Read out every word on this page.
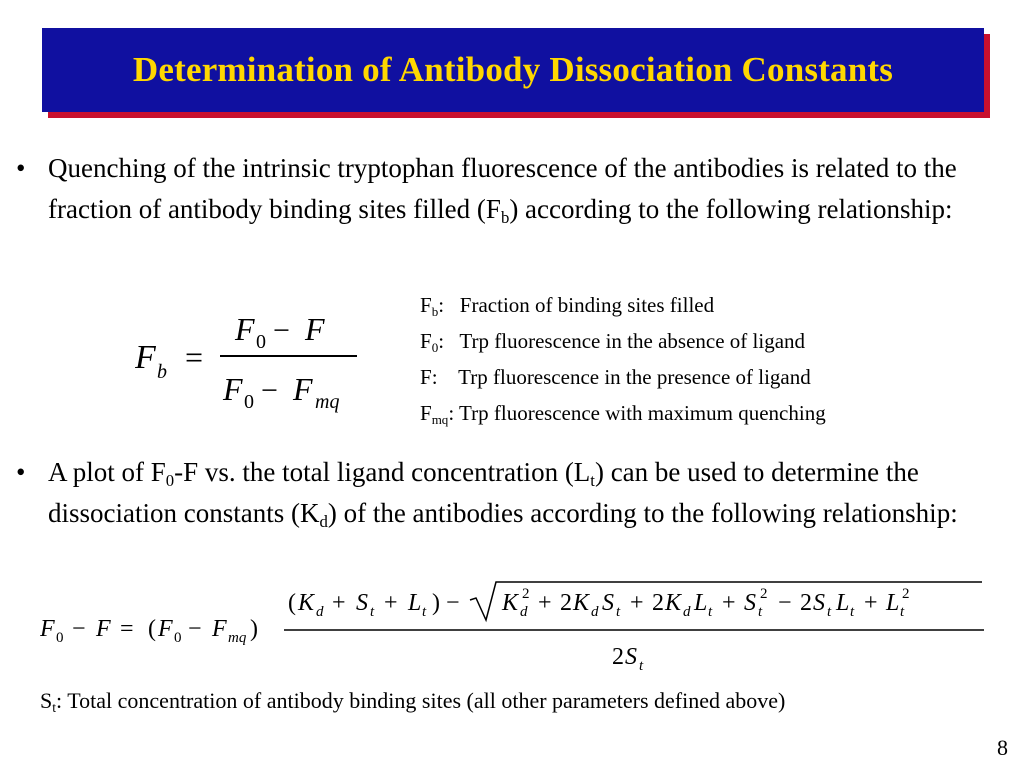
Determination of Antibody Dissociation Constants
• Quenching of the intrinsic tryptophan fluorescence of the antibodies is related to the fraction of antibody binding sites filled $(F_b)$ according to the following relationship:
F b =
F 0 − F
F 0 − F mq
$F_b$: Fraction of binding sites filled
$F_0$: Trp fluorescence in the absence of ligand
F: Trp fluorescence in the presence of ligand
$F_{mq}$: Trp fluorescence with maximum quenching
• A plot of $F_0-F$ vs. the total ligand concentration $(L_t)$ can be used to determine the dissociation constants $(K_d)$ of the antibodies according to the following relationship:
F 0 − F = ( F 0 − F mq )
( K d + S t + L t ) − K d
2 + 2 K d S t + 2 K d L t + S t
2 − 2 S t L t + L t
2
2 S t
$S_t$: Total concentration of antibody binding sites (all other parameters defined above)
8
